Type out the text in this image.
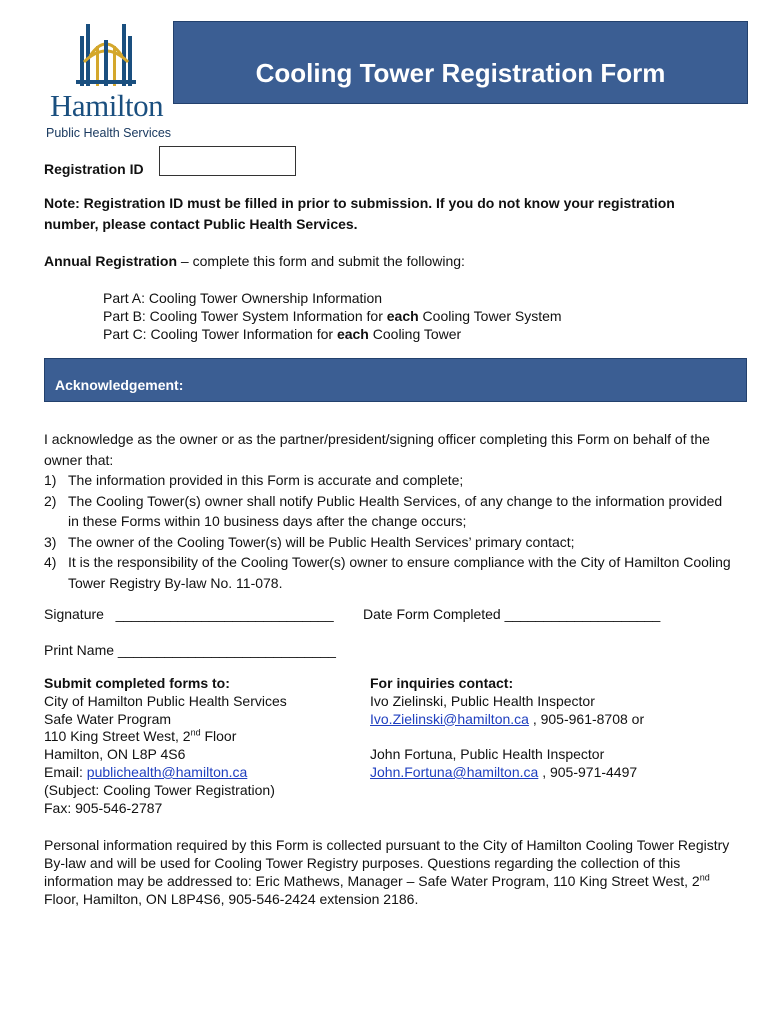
Hamilton
Public Health Services
Cooling Tower Registration Form
Registration ID
Note: Registration ID must be filled in prior to submission. If you do not know your registration number, please contact Public Health Services.
Annual Registration – complete this form and submit the following:
Part A: Cooling Tower Ownership Information
Part B: Cooling Tower System Information for each Cooling Tower System
Part C: Cooling Tower Information for each Cooling Tower
Acknowledgement:
I acknowledge as the owner or as the partner/president/signing officer completing this Form on behalf of the owner that:
1) The information provided in this Form is accurate and complete;
2) The Cooling Tower(s) owner shall notify Public Health Services, of any change to the information provided in these Forms within 10 business days after the change occurs;
3) The owner of the Cooling Tower(s) will be Public Health Services’ primary contact;
4) It is the responsibility of the Cooling Tower(s) owner to ensure compliance with the City of Hamilton Cooling Tower Registry By-law No. 11-078.
Signature ____________________________ Date Form Completed ____________________
Print Name ____________________________
Submit completed forms to:
City of Hamilton Public Health Services
Safe Water Program
110 King Street West, 2nd Floor
Hamilton, ON L8P 4S6
Email: publichealth@hamilton.ca
(Subject: Cooling Tower Registration)
Fax: 905-546-2787
For inquiries contact:
Ivo Zielinski, Public Health Inspector
Ivo.Zielinski@hamilton.ca , 905-961-8708 or
John Fortuna, Public Health Inspector
John.Fortuna@hamilton.ca , 905-971-4497
Personal information required by this Form is collected pursuant to the City of Hamilton Cooling Tower Registry By-law and will be used for Cooling Tower Registry purposes. Questions regarding the collection of this information may be addressed to: Eric Mathews, Manager – Safe Water Program, 110 King Street West, 2nd Floor, Hamilton, ON L8P4S6, 905-546-2424 extension 2186.
